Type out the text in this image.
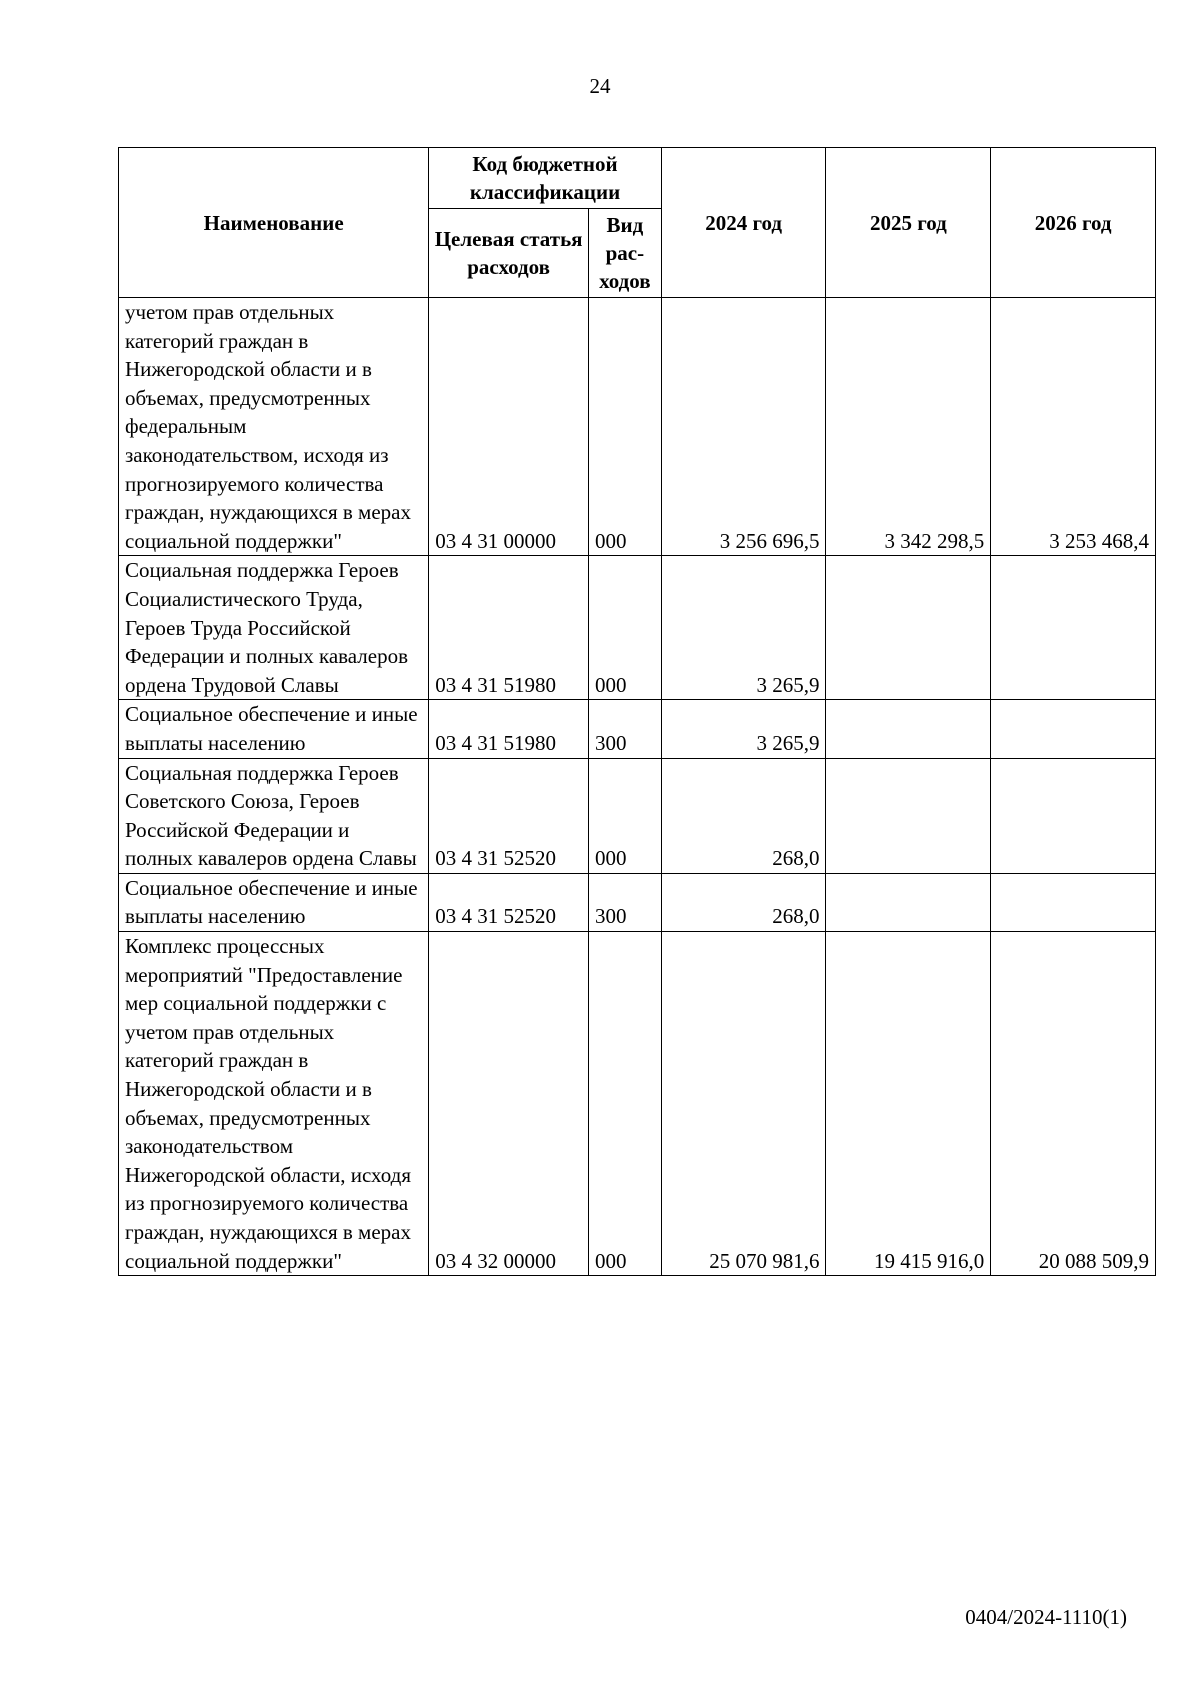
24
Наименование	Код бюджетной классификации		2024 год	2025 год	2026 год
	Целевая статья расходов	Вид рас-ходов			
учетом прав отдельных категорий граждан в Нижегородской области и в объемах, предусмотренных федеральным законодательством, исходя из прогнозируемого количества граждан, нуждающихся в мерах социальной поддержки"	03 4 31 00000	000	3 256 696,5	3 342 298,5	3 253 468,4
Социальная поддержка Героев Социалистического Труда, Героев Труда Российской Федерации и полных кавалеров ордена Трудовой Славы	03 4 31 51980	000	3 265,9		
Социальное обеспечение и иные выплаты населению	03 4 31 51980	300	3 265,9		
Социальная поддержка Героев Советского Союза, Героев Российской Федерации и полных кавалеров ордена Славы	03 4 31 52520	000	268,0		
Социальное обеспечение и иные выплаты населению	03 4 31 52520	300	268,0		
Комплекс процессных мероприятий "Предоставление мер социальной поддержки с учетом прав отдельных категорий граждан в Нижегородской области и в объемах, предусмотренных законодательством Нижегородской области, исходя из прогнозируемого количества граждан, нуждающихся в мерах социальной поддержки"	03 4 32 00000	000	25 070 981,6	19 415 916,0	20 088 509,9
0404/2024-1110(1)
